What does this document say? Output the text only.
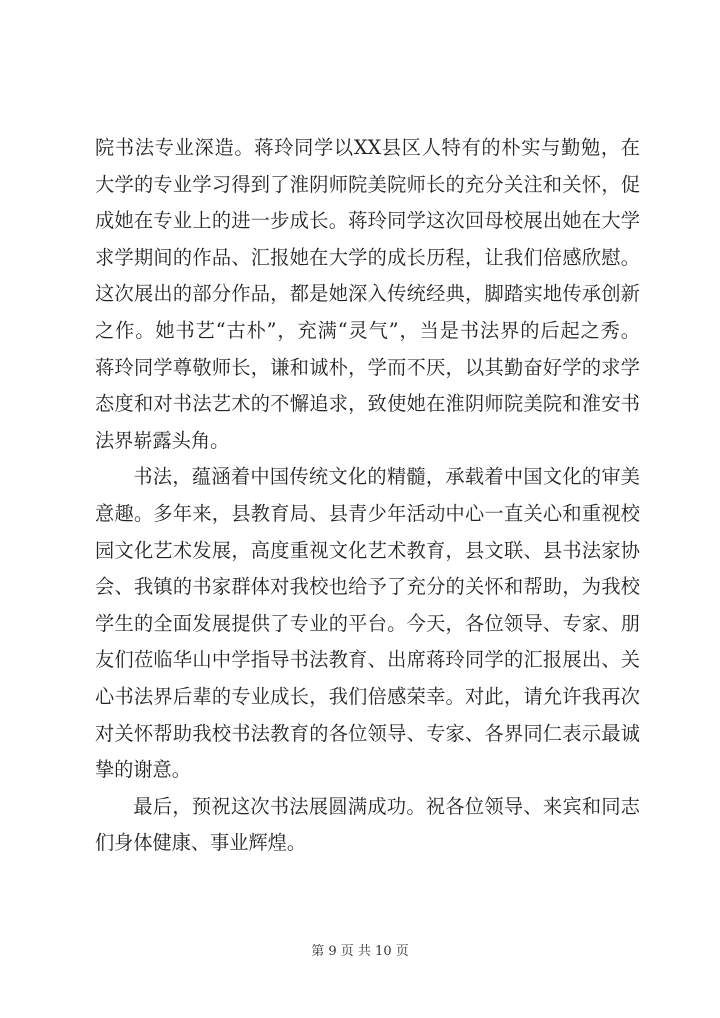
院书法专业深造。蒋玲同学以XX县区人特有的朴实与勤勉，在
大学的专业学习得到了淮阴师院美院师长的充分关注和关怀，促
成她在专业上的进一步成长。蒋玲同学这次回母校展出她在大学
求学期间的作品、汇报她在大学的成长历程，让我们倍感欣慰。
这次展出的部分作品，都是她深入传统经典，脚踏实地传承创新
之作。她书艺“古朴”，充满“灵气”，当是书法界的后起之秀。
蒋玲同学尊敬师长，谦和诚朴，学而不厌，以其勤奋好学的求学
态度和对书法艺术的不懈追求，致使她在淮阴师院美院和淮安书
法界崭露头角。
书法，蕴涵着中国传统文化的精髓，承载着中国文化的审美
意趣。多年来，县教育局、县青少年活动中心一直关心和重视校
园文化艺术发展，高度重视文化艺术教育，县文联、县书法家协
会、我镇的书家群体对我校也给予了充分的关怀和帮助，为我校
学生的全面发展提供了专业的平台。今天，各位领导、专家、朋
友们莅临华山中学指导书法教育、出席蒋玲同学的汇报展出、关
心书法界后辈的专业成长，我们倍感荣幸。对此，请允许我再次
对关怀帮助我校书法教育的各位领导、专家、各界同仁表示最诚
挚的谢意。
最后，预祝这次书法展圆满成功。祝各位领导、来宾和同志
们身体健康、事业辉煌。
第 9 页 共 10 页
